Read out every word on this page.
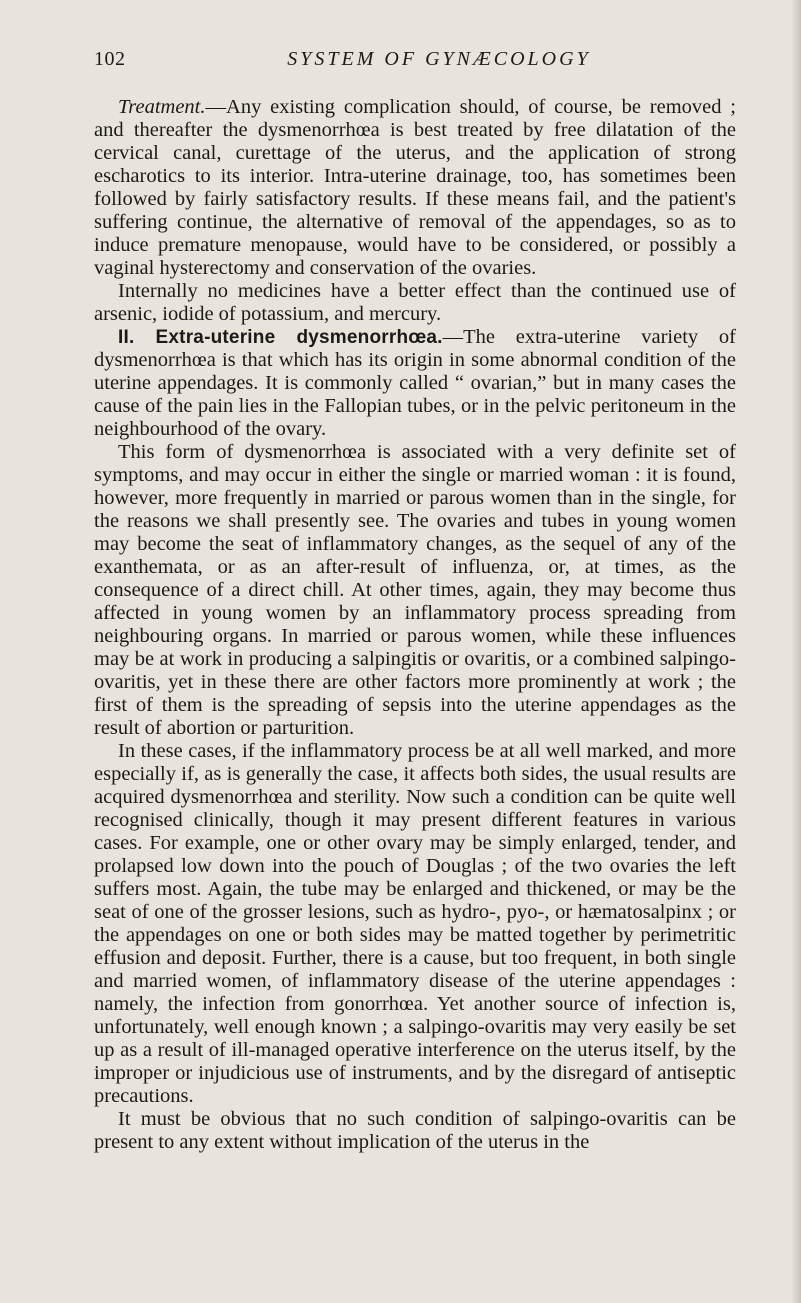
102	SYSTEM OF GYNÆCOLOGY

Treatment.—Any existing complication should, of course, be removed ; and thereafter the dysmenorrhœa is best treated by free dilatation of the cervical canal, curettage of the uterus, and the application of strong escharotics to its interior. Intra-uterine drainage, too, has sometimes been followed by fairly satisfactory results. If these means fail, and the patient's suffering continue, the alternative of removal of the appendages, so as to induce premature menopause, would have to be considered, or possibly a vaginal hysterectomy and conservation of the ovaries.

Internally no medicines have a better effect than the continued use of arsenic, iodide of potassium, and mercury.

II. Extra-uterine dysmenorrhœa.—The extra-uterine variety of dysmenorrhœa is that which has its origin in some abnormal condition of the uterine appendages. It is commonly called “ ovarian,” but in many cases the cause of the pain lies in the Fallopian tubes, or in the pelvic peritoneum in the neighbourhood of the ovary.

This form of dysmenorrhœa is associated with a very definite set of symptoms, and may occur in either the single or married woman : it is found, however, more frequently in married or parous women than in the single, for the reasons we shall presently see. The ovaries and tubes in young women may become the seat of inflammatory changes, as the sequel of any of the exanthemata, or as an after-result of influenza, or, at times, as the consequence of a direct chill. At other times, again, they may become thus affected in young women by an inflammatory process spreading from neighbouring organs. In married or parous women, while these influences may be at work in producing a salpingitis or ovaritis, or a combined salpingo-ovaritis, yet in these there are other factors more prominently at work ; the first of them is the spreading of sepsis into the uterine appendages as the result of abortion or parturition.

In these cases, if the inflammatory process be at all well marked, and more especially if, as is generally the case, it affects both sides, the usual results are acquired dysmenorrhœa and sterility. Now such a condition can be quite well recognised clinically, though it may present different features in various cases. For example, one or other ovary may be simply enlarged, tender, and prolapsed low down into the pouch of Douglas ; of the two ovaries the left suffers most. Again, the tube may be enlarged and thickened, or may be the seat of one of the grosser lesions, such as hydro-, pyo-, or hæmatosalpinx ; or the appendages on one or both sides may be matted together by perimetritic effusion and deposit. Further, there is a cause, but too frequent, in both single and married women, of inflammatory disease of the uterine appendages : namely, the infection from gonorrhœa. Yet another source of infection is, unfortunately, well enough known ; a salpingo-ovaritis may very easily be set up as a result of ill-managed operative interference on the uterus itself, by the improper or injudicious use of instruments, and by the disregard of antiseptic precautions.

It must be obvious that no such condition of salpingo-ovaritis can be present to any extent without implication of the uterus in the
